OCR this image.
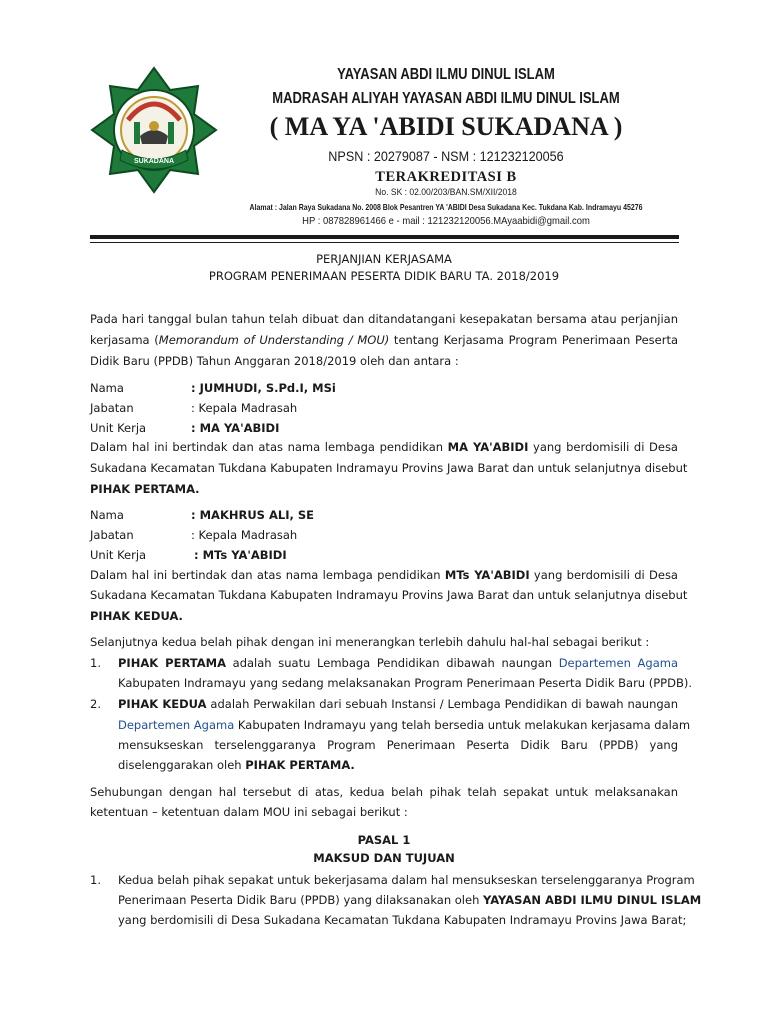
SUKADANA
YAYASAN ABDI ILMU DINUL ISLAM
MADRASAH ALIYAH YAYASAN ABDI ILMU DINUL ISLAM
( MA YA 'ABIDI SUKADANA )
NPSN : 20279087 - NSM : 121232120056
TERAKREDITASI B
No. SK : 02.00/203/BAN.SM/XII/2018
Alamat : Jalan Raya Sukadana No. 2008 Blok Pesantren YA 'ABIDI Desa Sukadana Kec. Tukdana Kab. Indramayu 45276
HP : 087828961466 e - mail : 121232120056.MAyaabidi@gmail.com
PERJANJIAN KERJASAMA
PROGRAM PENERIMAAN PESERTA DIDIK BARU TA. 2018/2019
Pada hari tanggal bulan tahun telah dibuat dan ditandatangani kesepakatan bersama atau perjanjian
kerjasama (Memorandum of Understanding / MOU) tentang Kerjasama Program Penerimaan Peserta
Didik Baru (PPDB) Tahun Anggaran 2018/2019 oleh dan antara :
Nama	: JUMHUDI, S.Pd.I, MSi
Jabatan	: Kepala Madrasah
Unit Kerja	: MA YA'ABIDI
Dalam hal ini bertindak dan atas nama lembaga pendidikan MA YA'ABIDI yang berdomisili di Desa
Sukadana Kecamatan Tukdana Kabupaten Indramayu Provins Jawa Barat dan untuk selanjutnya disebut
PIHAK PERTAMA.
Nama	: MAKHRUS ALI, SE
Jabatan	: Kepala Madrasah
Unit Kerja	: MTs YA'ABIDI
Dalam hal ini bertindak dan atas nama lembaga pendidikan MTs YA'ABIDI yang berdomisili di Desa
Sukadana Kecamatan Tukdana Kabupaten Indramayu Provins Jawa Barat dan untuk selanjutnya disebut
PIHAK KEDUA.
Selanjutnya kedua belah pihak dengan ini menerangkan terlebih dahulu hal-hal sebagai berikut :
1. PIHAK PERTAMA adalah suatu Lembaga Pendidikan dibawah naungan Departemen Agama
Kabupaten Indramayu yang sedang melaksanakan Program Penerimaan Peserta Didik Baru (PPDB).
2. PIHAK KEDUA adalah Perwakilan dari sebuah Instansi / Lembaga Pendidikan di bawah naungan
Departemen Agama Kabupaten Indramayu yang telah bersedia untuk melakukan kerjasama dalam
mensukseskan terselenggaranya Program Penerimaan Peserta Didik Baru (PPDB) yang
diselenggarakan oleh PIHAK PERTAMA.
Sehubungan dengan hal tersebut di atas, kedua belah pihak telah sepakat untuk melaksanakan
ketentuan – ketentuan dalam MOU ini sebagai berikut :
PASAL 1
MAKSUD DAN TUJUAN
1. Kedua belah pihak sepakat untuk bekerjasama dalam hal mensukseskan terselenggaranya Program
Penerimaan Peserta Didik Baru (PPDB) yang dilaksanakan oleh YAYASAN ABDI ILMU DINUL ISLAM
yang berdomisili di Desa Sukadana Kecamatan Tukdana Kabupaten Indramayu Provins Jawa Barat;
